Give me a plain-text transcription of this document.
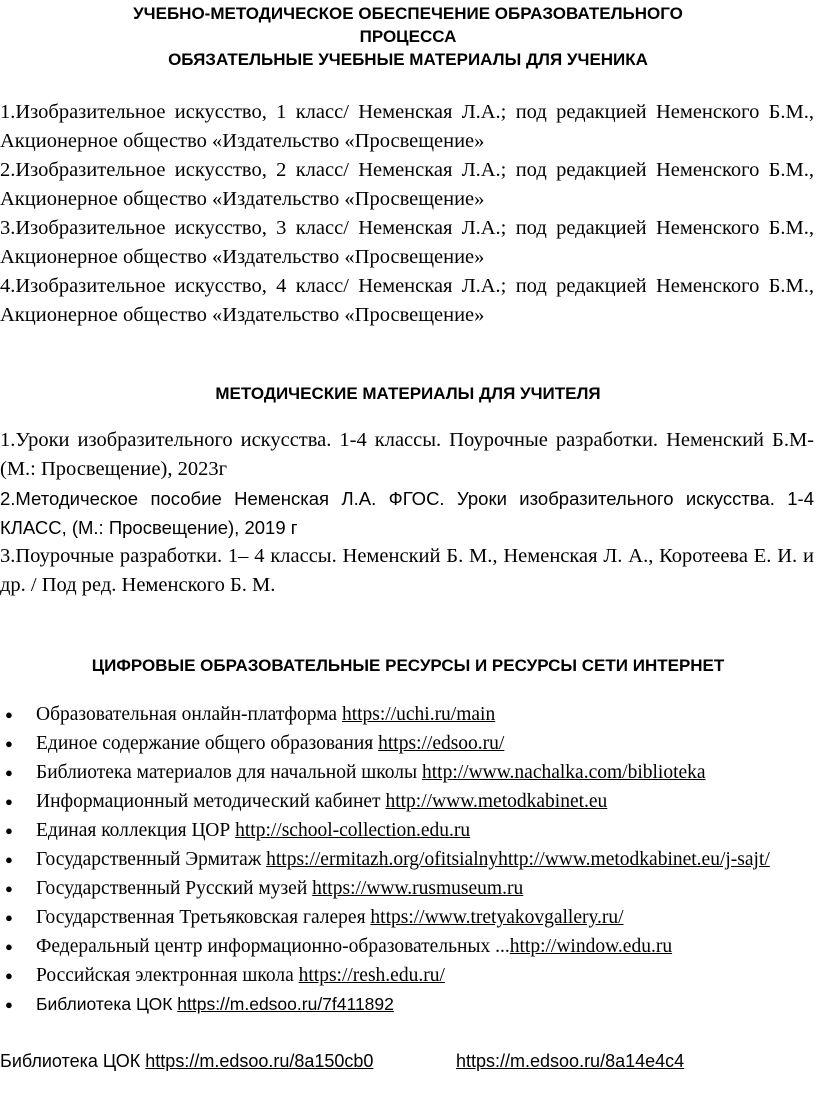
УЧЕБНО-МЕТОДИЧЕСКОЕ ОБЕСПЕЧЕНИЕ ОБРАЗОВАТЕЛЬНОГО
ПРОЦЕССА
ОБЯЗАТЕЛЬНЫЕ УЧЕБНЫЕ МАТЕРИАЛЫ ДЛЯ УЧЕНИКА
1.Изобразительное искусство, 1 класс/ Неменская Л.А.; под редакцией Неменского Б.М., Акционерное общество «Издательство «Просвещение»
2.Изобразительное искусство, 2 класс/ Неменская Л.А.; под редакцией Неменского Б.М., Акционерное общество «Издательство «Просвещение»
3.Изобразительное искусство, 3 класс/ Неменская Л.А.; под редакцией Неменского Б.М., Акционерное общество «Издательство «Просвещение»
4.Изобразительное искусство, 4 класс/ Неменская Л.А.; под редакцией Неменского Б.М., Акционерное общество «Издательство «Просвещение»
МЕТОДИЧЕСКИЕ МАТЕРИАЛЫ ДЛЯ УЧИТЕЛЯ
1.Уроки изобразительного искусства. 1-4 классы. Поурочные разработки. Неменский Б.М- (М.: Просвещение), 2023г
2.Методическое пособие Неменская Л.А. ФГОС. Уроки изобразительного искусства. 1-4 КЛАСС, (М.: Просвещение), 2019 г
3.Поурочные разработки. 1– 4 классы. Неменский Б. М., Неменская Л. А., Коротеева Е. И. и др. / Под ред. Неменского Б. М.
ЦИФРОВЫЕ ОБРАЗОВАТЕЛЬНЫЕ РЕСУРСЫ И РЕСУРСЫ СЕТИ ИНТЕРНЕТ
● Образовательная онлайн-платформа https://uchi.ru/main
● Единое содержание общего образования https://edsoo.ru/
● Библиотека материалов для начальной школы http://www.nachalka.com/biblioteka
● Информационный методический кабинет http://www.metodkabinet.eu
● Единая коллекция ЦОР http://school-collection.edu.ru
● Государственный Эрмитаж https://ermitazh.org/ofitsialnyhttp://www.metodkabinet.eu/j-sajt/
● Государственный Русский музей https://www.rusmuseum.ru
● Государственная Третьяковская галерея https://www.tretyakovgallery.ru/
● Федеральный центр информационно-образовательных ...http://window.edu.ru
● Российская электронная школа https://resh.edu.ru/
● Библиотека ЦОК https://m.edsoo.ru/7f411892
Библиотека ЦОК https://m.edsoo.ru/8a150cb0	https://m.edsoo.ru/8a14e4c4
